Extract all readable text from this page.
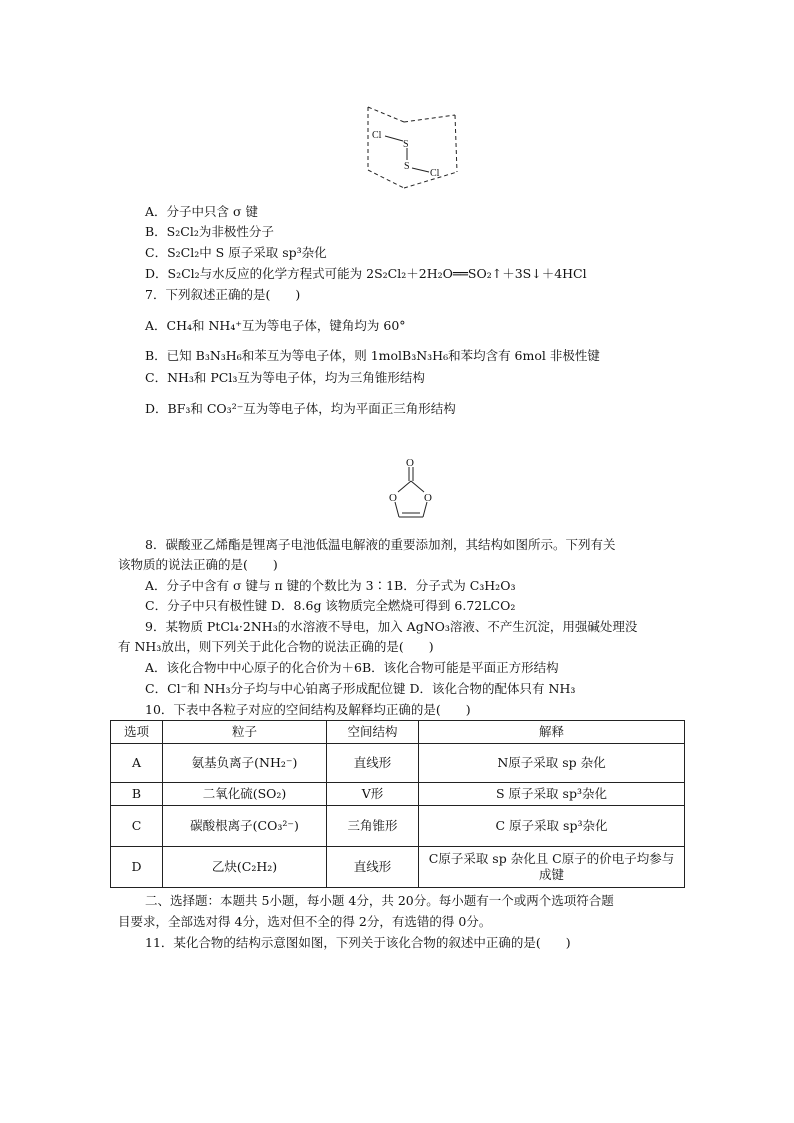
Cl
S
S
Cl
A．分子中只含 σ 键
B．S₂Cl₂为非极性分子
C．S₂Cl₂中 S 原子采取 sp³杂化
D．S₂Cl₂与水反应的化学方程式可能为 2S₂Cl₂＋2H₂O══SO₂↑＋3S↓＋4HCl
7．下列叙述正确的是(　　)
A．CH₄和 NH₄⁺互为等电子体，键角均为 60°
B．已知 B₃N₃H₆和苯互为等电子体，则 1molB₃N₃H₆和苯均含有 6mol 非极性键
C．NH₃和 PCl₃互为等电子体，均为三角锥形结构
D．BF₃和 CO₃²⁻互为等电子体，均为平面正三角形结构
O
O O
8．碳酸亚乙烯酯是锂离子电池低温电解液的重要添加剂，其结构如图所示。下列有关
该物质的说法正确的是(　　)
A．分子中含有 σ 键与 π 键的个数比为 3∶1B．分子式为 C₃H₂O₃
C．分子中只有极性键 D．8.6g 该物质完全燃烧可得到 6.72LCO₂
9．某物质 PtCl₄·2NH₃的水溶液不导电，加入 AgNO₃溶液、不产生沉淀，用强碱处理没
有 NH₃放出，则下列关于此化合物的说法正确的是(　　)
A．该化合物中中心原子的化合价为＋6B．该化合物可能是平面正方形结构
C．Cl⁻和 NH₃分子均与中心铂离子形成配位键 D．该化合物的配体只有 NH₃
10．下表中各粒子对应的空间结构及解释均正确的是(　　)
选项	粒子	空间结构	解释
A	氨基负离子(NH₂⁻)	直线形	N原子采取 sp 杂化
B	二氧化硫(SO₂)	V形	S 原子采取 sp³杂化
C	碳酸根离子(CO₃²⁻)	三角锥形	C 原子采取 sp³杂化
D	乙炔(C₂H₂)	直线形	C原子采取 sp 杂化且 C原子的价电子均参与成键
二、选择题：本题共 5小题，每小题 4分，共 20分。每小题有一个或两个选项符合题
目要求，全部选对得 4分，选对但不全的得 2分，有选错的得 0分。
11．某化合物的结构示意图如图，下列关于该化合物的叙述中正确的是(　　)
